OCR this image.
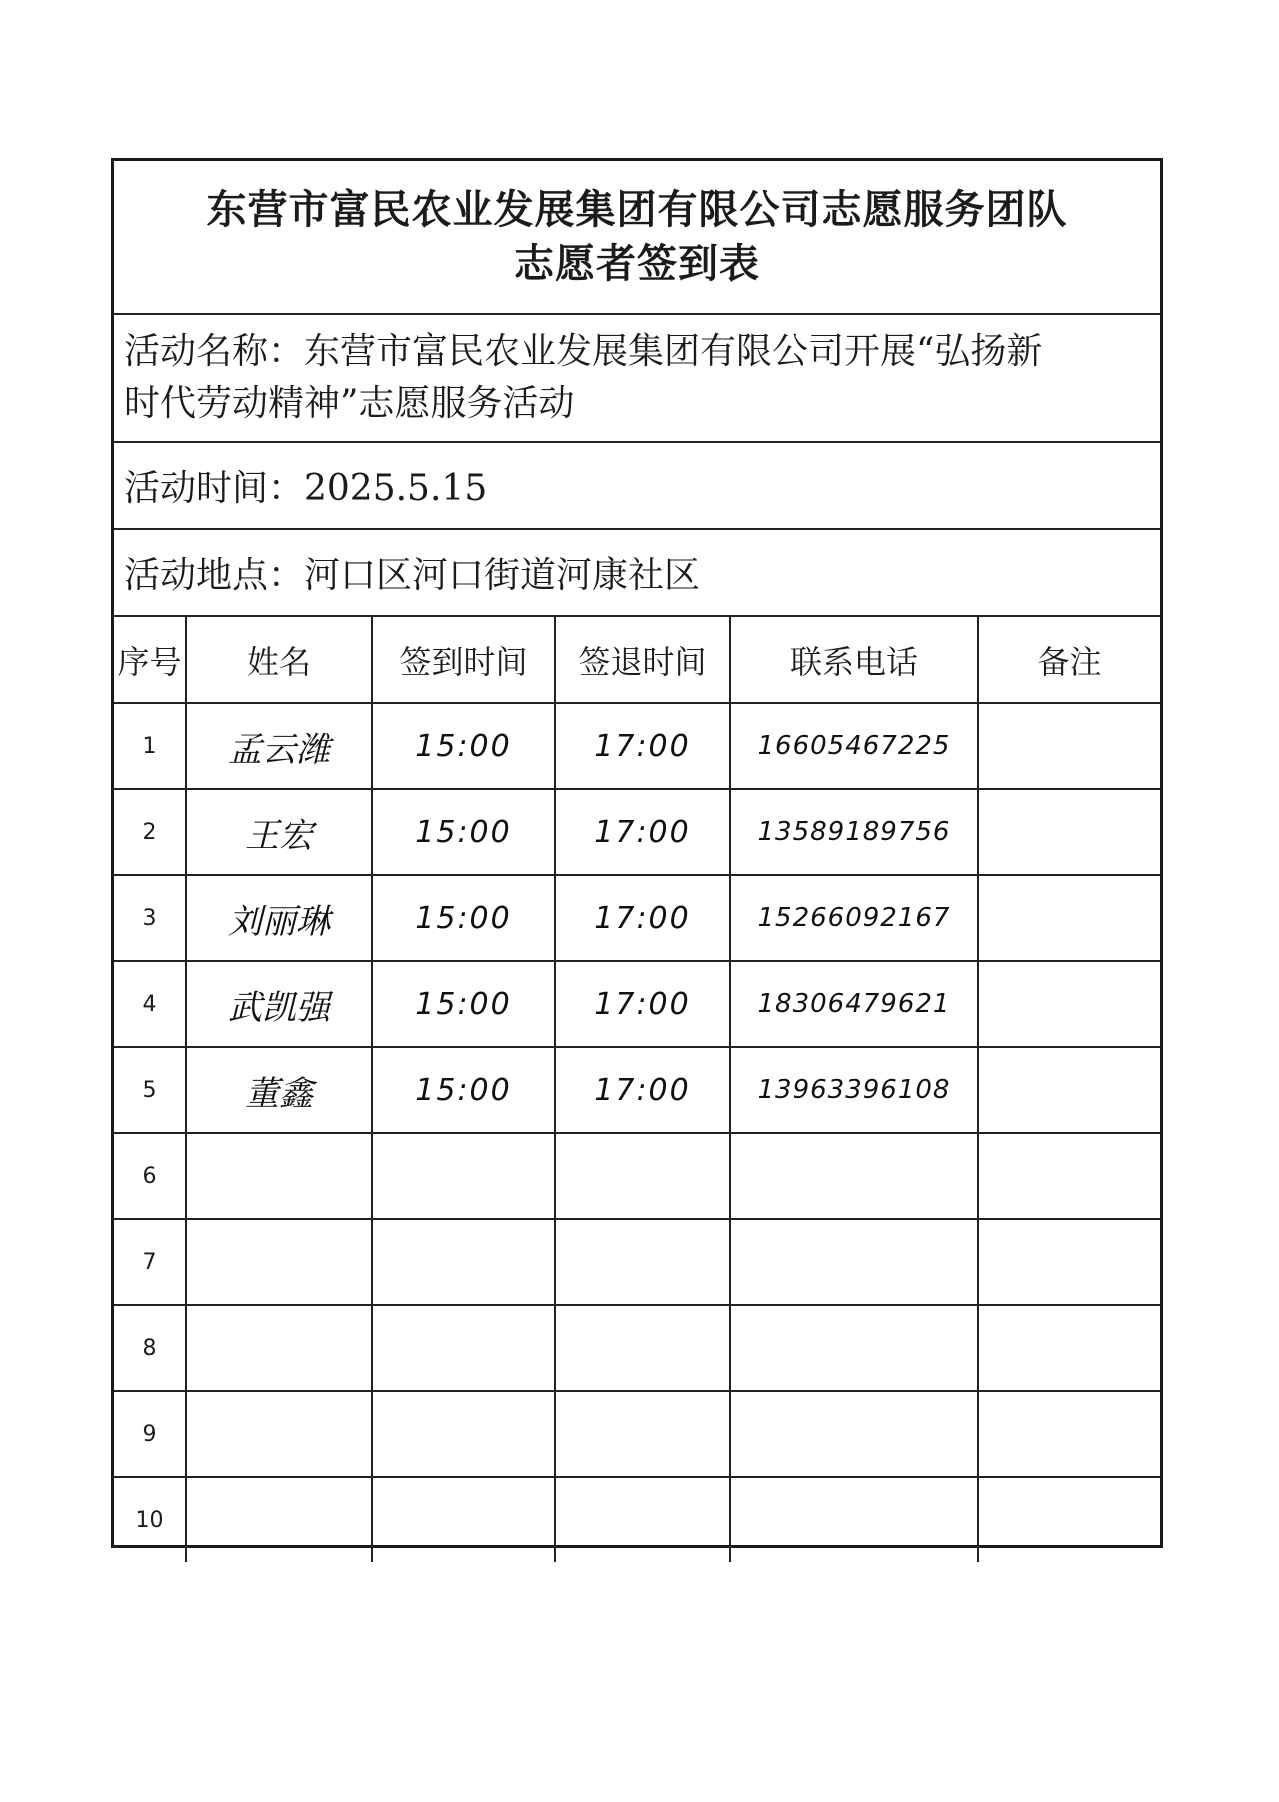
东营市富民农业发展集团有限公司志愿服务团队
志愿者签到表
活动名称：东营市富民农业发展集团有限公司开展“弘扬新
时代劳动精神”志愿服务活动
活动时间：2025.5.15
活动地点：河口区河口街道河康社区
序号	姓名	签到时间	签退时间	联系电话	备注
1	孟云潍	15:00	17:00	16605467225	
2	王宏	15:00	17:00	13589189756	
3	刘丽琳	15:00	17:00	15266092167	
4	武凯强	15:00	17:00	18306479621	
5	董鑫	15:00	17:00	13963396108	
6					
7					
8					
9					
10					
